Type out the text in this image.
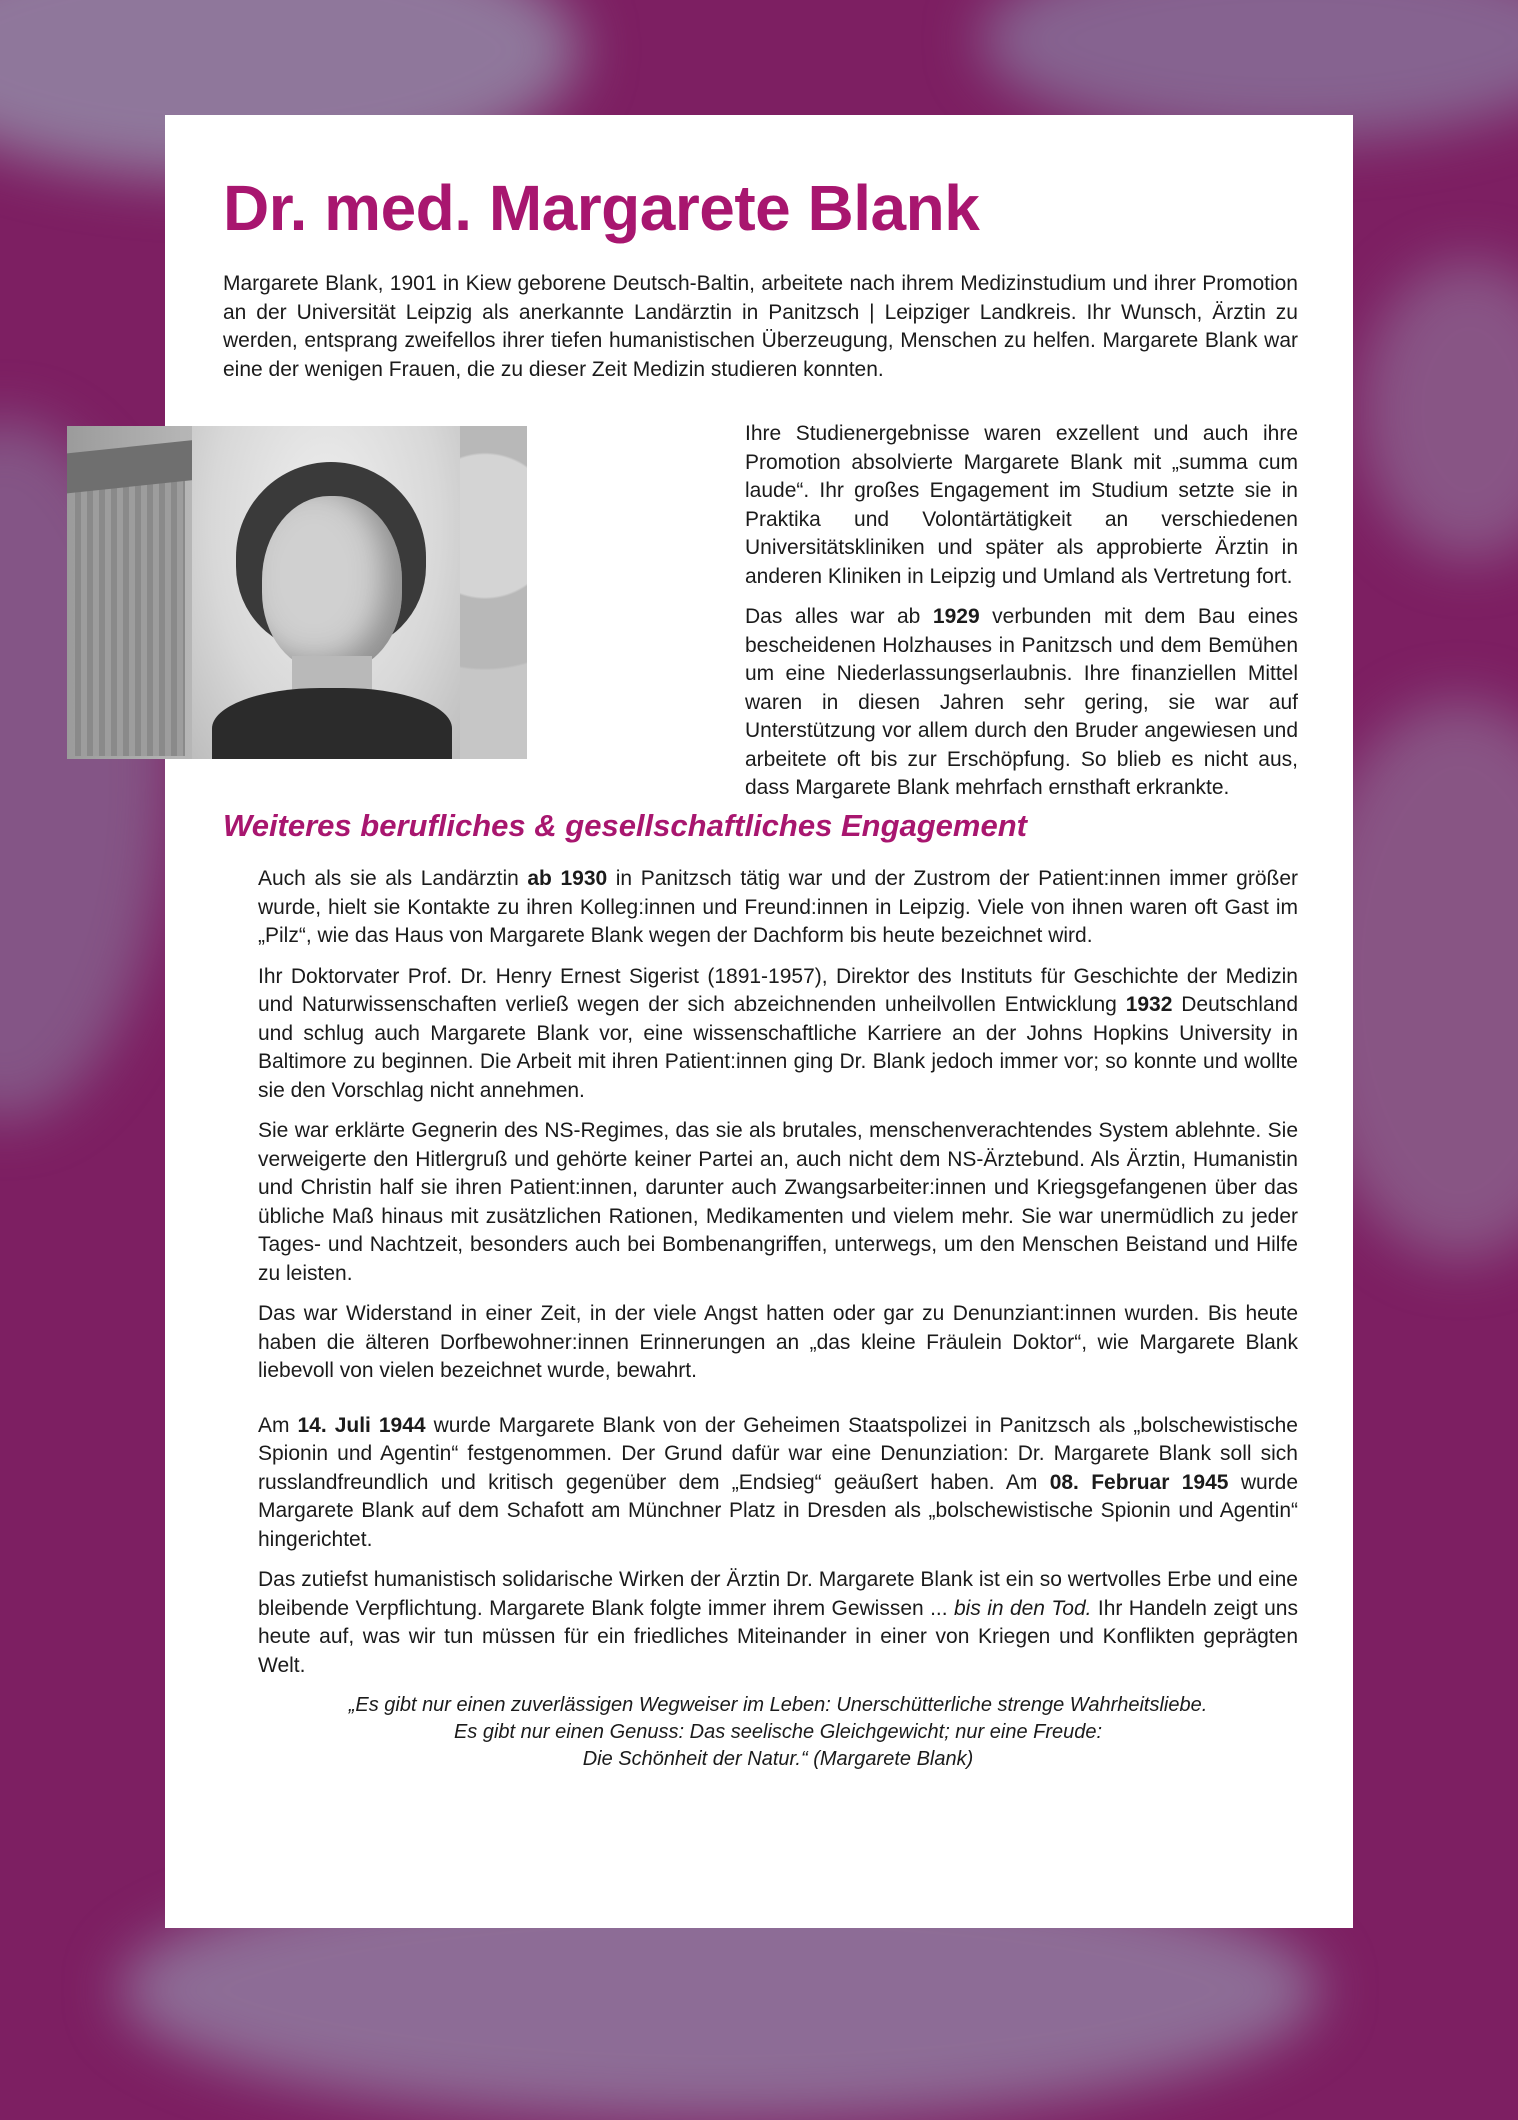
Dr. med. Margarete Blank

Margarete Blank, 1901 in Kiew geborene Deutsch-Baltin, arbeitete nach ihrem Medizinstudium und ihrer Promotion an der Universität Leipzig als anerkannte Landärztin in Panitzsch | Leipziger Landkreis. Ihr Wunsch, Ärztin zu werden, entsprang zweifellos ihrer tiefen humanistischen Überzeugung, Menschen zu helfen. Margarete Blank war eine der wenigen Frauen, die zu dieser Zeit Medizin studieren konnten.

Ihre Studienergebnisse waren exzellent und auch ihre Promotion absolvierte Margarete Blank mit „summa cum laude“. Ihr großes Engagement im Studium setzte sie in Praktika und Volontärtätigkeit an verschiedenen Universitätskliniken und später als approbierte Ärztin in anderen Kliniken in Leipzig und Umland als Vertretung fort.

Das alles war ab 1929 verbunden mit dem Bau eines bescheidenen Holzhauses in Panitzsch und dem Bemühen um eine Niederlassungserlaubnis. Ihre finanziellen Mittel waren in diesen Jahren sehr gering, sie war auf Unterstützung vor allem durch den Bruder angewiesen und arbeitete oft bis zur Erschöpfung. So blieb es nicht aus, dass Margarete Blank mehrfach ernsthaft erkrankte.

Weiteres berufliches & gesellschaftliches Engagement

Auch als sie als Landärztin ab 1930 in Panitzsch tätig war und der Zustrom der Patient:innen immer größer wurde, hielt sie Kontakte zu ihren Kolleg:innen und Freund:innen in Leipzig. Viele von ihnen waren oft Gast im „Pilz“, wie das Haus von Margarete Blank wegen der Dachform bis heute bezeichnet wird.

Ihr Doktorvater Prof. Dr. Henry Ernest Sigerist (1891-1957), Direktor des Instituts für Geschichte der Medizin und Naturwissenschaften verließ wegen der sich abzeichnenden unheilvollen Entwicklung 1932 Deutschland und schlug auch Margarete Blank vor, eine wissenschaftliche Karriere an der Johns Hopkins University in Baltimore zu beginnen. Die Arbeit mit ihren Patient:innen ging Dr. Blank jedoch immer vor; so konnte und wollte sie den Vorschlag nicht annehmen.

Sie war erklärte Gegnerin des NS-Regimes, das sie als brutales, menschenverachtendes System ablehnte. Sie verweigerte den Hitlergruß und gehörte keiner Partei an, auch nicht dem NS-Ärztebund. Als Ärztin, Humanistin und Christin half sie ihren Patient:innen, darunter auch Zwangsarbeiter:innen und Kriegsgefangenen über das übliche Maß hinaus mit zusätzlichen Rationen, Medikamenten und vielem mehr. Sie war unermüdlich zu jeder Tages- und Nachtzeit, besonders auch bei Bombenangriffen, unterwegs, um den Menschen Beistand und Hilfe zu leisten.

Das war Widerstand in einer Zeit, in der viele Angst hatten oder gar zu Denunziant:innen wurden. Bis heute haben die älteren Dorfbewohner:innen Erinnerungen an „das kleine Fräulein Doktor“, wie Margarete Blank liebevoll von vielen bezeichnet wurde, bewahrt.

Am 14. Juli 1944 wurde Margarete Blank von der Geheimen Staatspolizei in Panitzsch als „bolschewistische Spionin und Agentin“ festgenommen. Der Grund dafür war eine Denunziation: Dr. Margarete Blank soll sich russlandfreundlich und kritisch gegenüber dem „Endsieg“ geäußert haben. Am 08. Februar 1945 wurde Margarete Blank auf dem Schafott am Münchner Platz in Dresden als „bolschewistische Spionin und Agentin“ hingerichtet.

Das zutiefst humanistisch solidarische Wirken der Ärztin Dr. Margarete Blank ist ein so wertvolles Erbe und eine bleibende Verpflichtung. Margarete Blank folgte immer ihrem Gewissen ... bis in den Tod. Ihr Handeln zeigt uns heute auf, was wir tun müssen für ein friedliches Miteinander in einer von Kriegen und Konflikten geprägten Welt.

„Es gibt nur einen zuverlässigen Wegweiser im Leben: Unerschütterliche strenge Wahrheitsliebe.
Es gibt nur einen Genuss: Das seelische Gleichgewicht; nur eine Freude:
Die Schönheit der Natur.“ (Margarete Blank)
